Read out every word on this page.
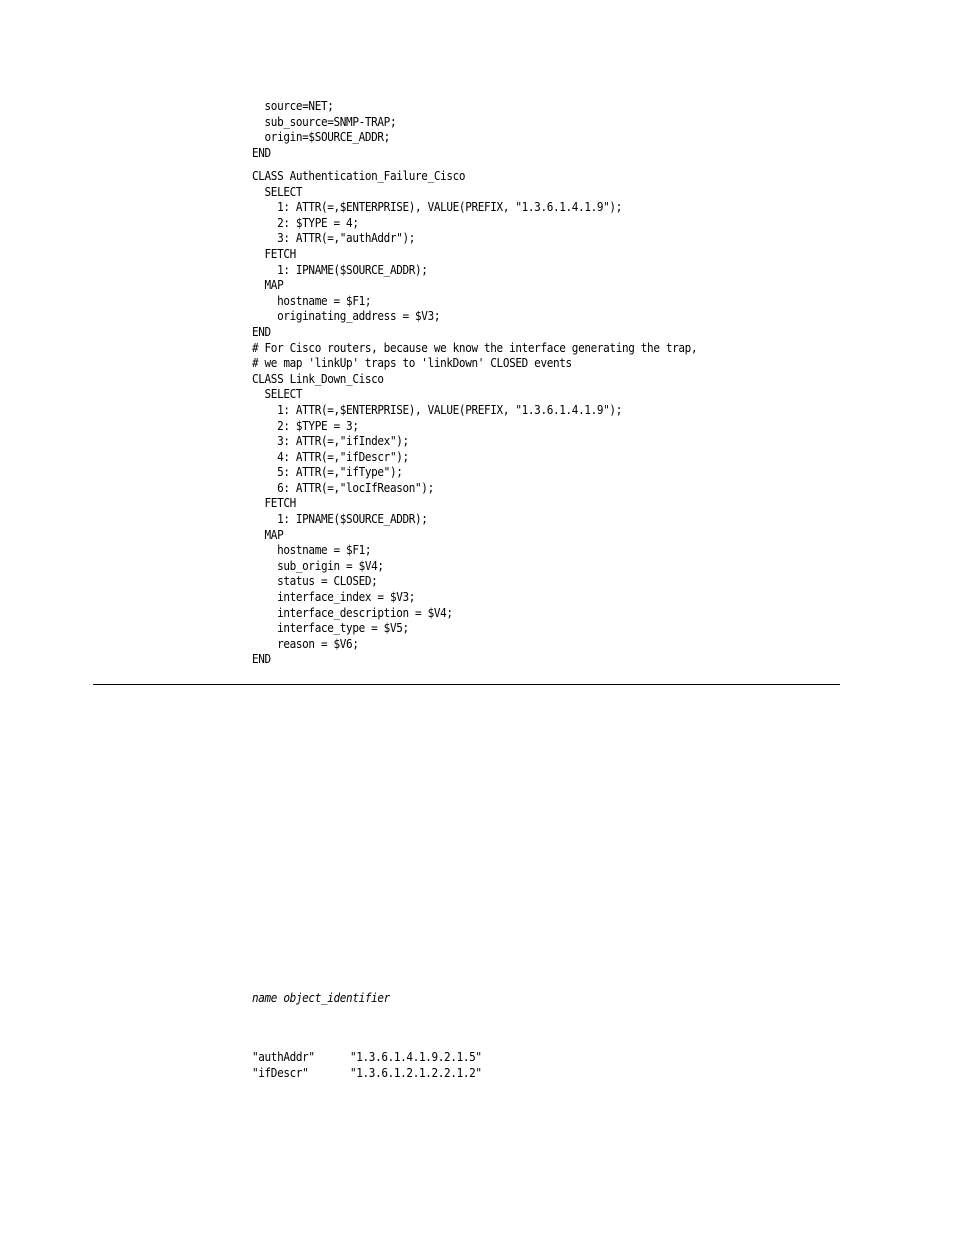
source=NET;
sub_source=SNMP-TRAP;
origin=$SOURCE_ADDR;
END
CLASS Authentication_Failure_Cisco
SELECT
1: ATTR(=,$ENTERPRISE), VALUE(PREFIX, "1.3.6.1.4.1.9");
2: $TYPE = 4;
3: ATTR(=,"authAddr");
FETCH
1: IPNAME($SOURCE_ADDR);
MAP
hostname = $F1;
originating_address = $V3;
END
# For Cisco routers, because we know the interface generating the trap,
# we map 'linkUp' traps to 'linkDown' CLOSED events
CLASS Link_Down_Cisco
SELECT
1: ATTR(=,$ENTERPRISE), VALUE(PREFIX, "1.3.6.1.4.1.9");
2: $TYPE = 3;
3: ATTR(=,"ifIndex");
4: ATTR(=,"ifDescr");
5: ATTR(=,"ifType");
6: ATTR(=,"locIfReason");
FETCH
1: IPNAME($SOURCE_ADDR);
MAP
hostname = $F1;
sub_origin = $V4;
status = CLOSED;
interface_index = $V3;
interface_description = $V4;
interface_type = $V5;
reason = $V6;
END
name object_identifier
"authAddr"	"1.3.6.1.4.1.9.2.1.5"
"ifDescr"	"1.3.6.1.2.1.2.2.1.2"
